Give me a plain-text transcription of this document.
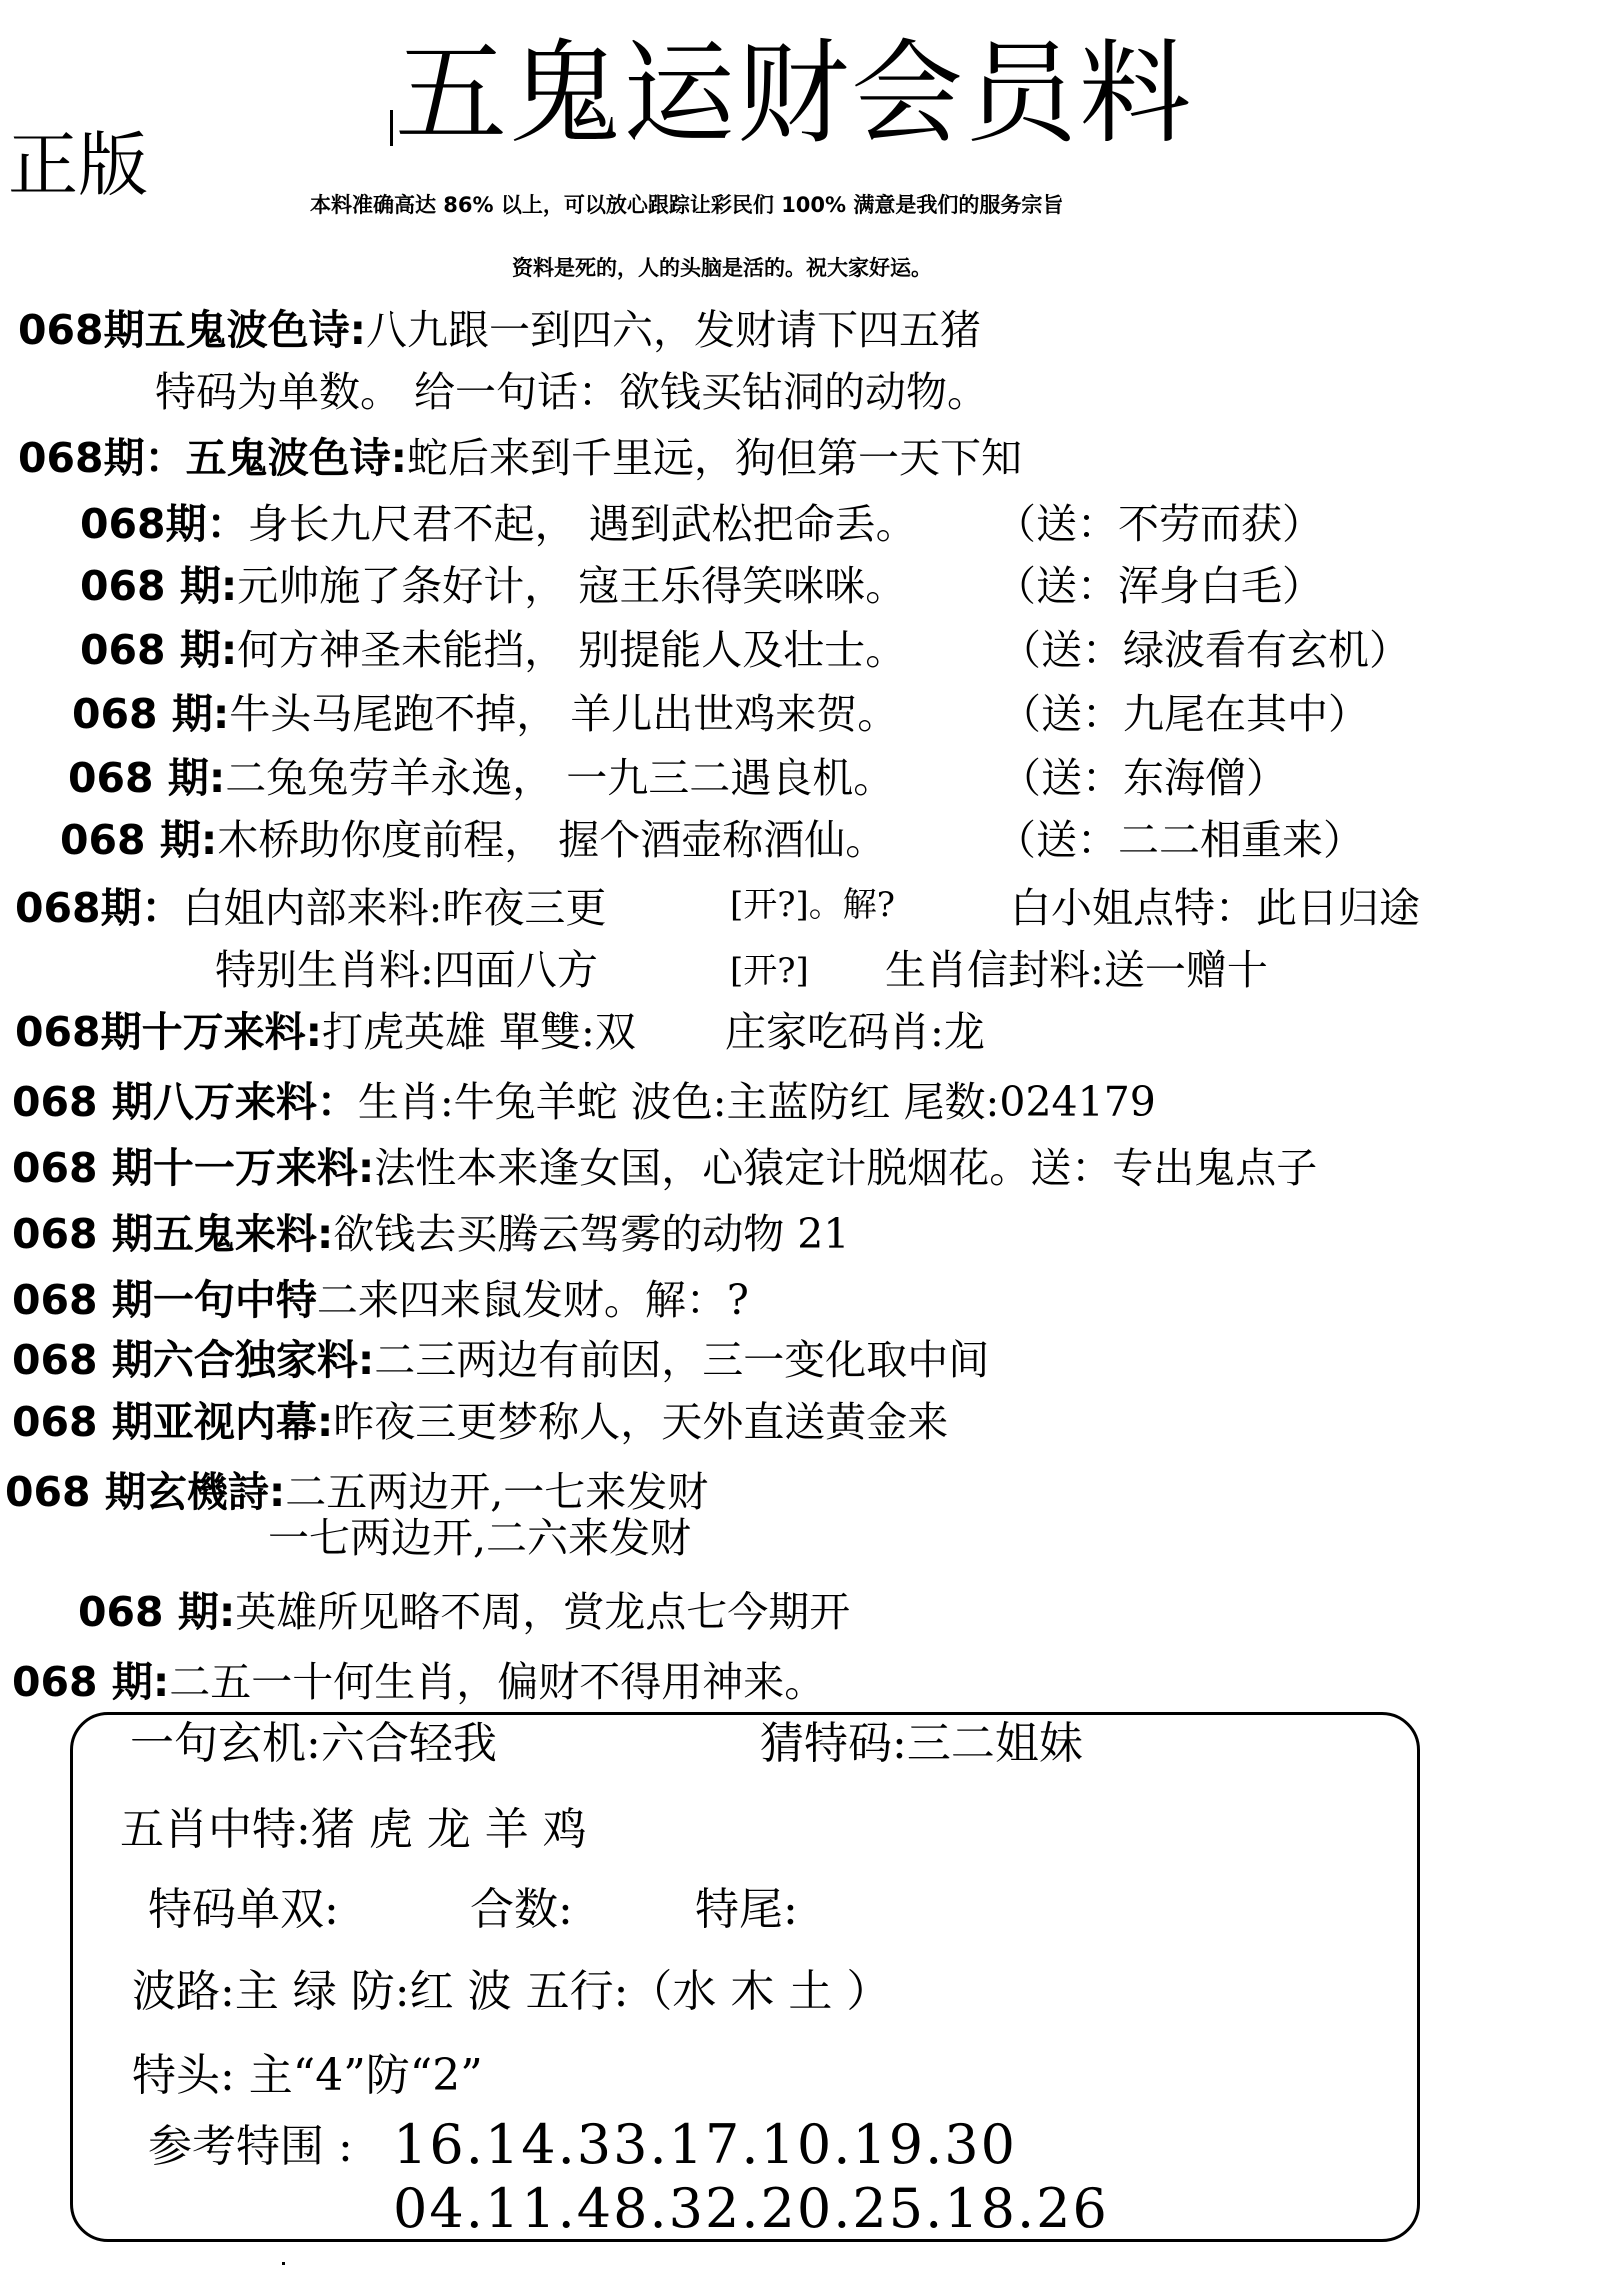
五鬼运财会员料
正版	本料准确高达 86% 以上，可以放心跟踪让彩民们 100% 满意是我们的服务宗旨
资料是死的，人的头脑是活的。祝大家好运。
068期五鬼波色诗:八九跟一到四六，发财请下四五猪
特码为单数。 给一句话：欲钱买钻洞的动物。
068期：五鬼波色诗:蛇后来到千里远，狗但第一天下知
068期：身长九尺君不起， 遇到武松把命丢。 （送：不劳而获）
068 期:元帅施了条好计， 寇王乐得笑咪咪。 （送：浑身白毛）
068 期:何方神圣未能挡， 别提能人及壮士。 （送：绿波看有玄机）
068 期:牛头马尾跑不掉， 羊儿出世鸡来贺。 （送：九尾在其中）
068 期:二兔兔劳羊永逸， 一九三二遇良机。	（送：东海僧）
068 期:木桥助你度前程， 握个酒壶称酒仙。	（送：二二相重来）
068期：白姐内部来料:昨夜三更	[开?]。解?	白小姐点特：此日归途
特别生肖料:四面八方	[开?] 生肖信封料:送一赠十
068期十万来料:打虎英雄 單雙:双 庄家吃码肖:龙
068 期八万来料：生肖:牛兔羊蛇 波色:主蓝防红 尾数:024179
068 期十一万来料:法性本来逢女国，心猿定计脱烟花。送：专出鬼点子
068 期五鬼来料:欲钱去买腾云驾雾的动物 21
068 期一句中特二来四来鼠发财。解：?
068 期六合独家料:二三两边有前因，三一变化取中间
068 期亚视内幕:昨夜三更梦称人，天外直送黄金来
068 期玄機詩:二五两边开,一七来发财
一七两边开,二六来发财
068 期:英雄所见略不周，赏龙点七今期开
068 期:二五一十何生肖，偏财不得用神来。
一句玄机:六合轻我	猜特码:三二姐妹
五肖中特:猪 虎 龙 羊 鸡
特码单双:	合数:	特尾:
波路:主 绿 防:红 波 五行:（水 木 土 ）
特头: 主“4”防“2”
参考特围 : 16.14.33.17.10.19.30
04.11.48.32.20.25.18.26
